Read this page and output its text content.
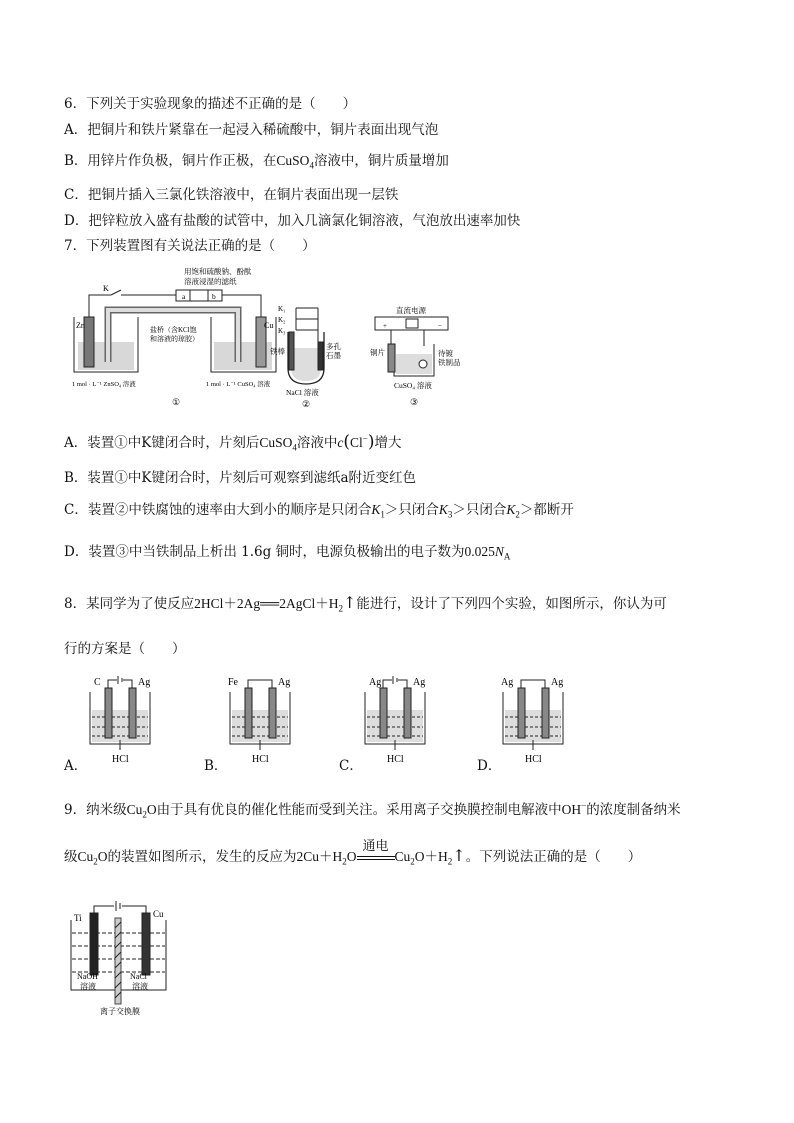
6．下列关于实验现象的描述不正确的是（　　）
A．把铜片和铁片紧靠在一起浸入稀硫酸中，铜片表面出现气泡
B．用锌片作负极，铜片作正极，在CuSO$_4$溶液中，铜片质量增加
C．把铜片插入三氯化铁溶液中，在铜片表面出现一层铁
D．把锌粒放入盛有盐酸的试管中，加入几滴氯化铜溶液，气泡放出速率加快
7．下列装置图有关说法正确的是（　　）
用饱和硫酸钠、酚酞
溶液浸湿的滤纸
K
a	b
Zn	Cu
盐桥（含KCl饱
和溶液的琼胶）
1 mol · L⁻¹ ZnSO₄ 溶液	1 mol · L⁻¹ CuSO₄ 溶液
①
K₁
K₂
K₃
铁棒
多孔
石墨
NaCl 溶液
②
直流电源
+	−
铜片	待镀
铁制品
CuSO₄ 溶液
③
A．装置①中K键闭合时，片刻后CuSO$_4$溶液中c(Cl−)增大
B．装置①中K键闭合时，片刻后可观察到滤纸a附近变红色
C．装置②中铁腐蚀的速率由大到小的顺序是只闭合$K_1>$只闭合$K_3>$只闭合$K_2>$都断开
D．装置③中当铁制品上析出 1.6g 铜时，电源负极输出的电子数为$0.025N_A$
8．某同学为了使反应$2HCl+2Ag══2AgCl+H_2↑$能进行，设计了下列四个实验，如图所示，你认为可
行的方案是（　　）
A．
C	Ag
HCl	B．
Fe	Ag
HCl	C．
Ag	Ag
HCl	D．
Ag	Ag
HCl
9．纳米级$Cu_2O$由于具有优良的催化性能而受到关注。采用离子交换膜控制电解液中OH−的浓度制备纳米
级$Cu_2O$的装置如图所示，发生的反应为$2Cu+H_2O$
通电
$Cu_2O+H_2↑$。下列说法正确的是（　　）
Ti	Cu
NaOH
溶液
NaCl
溶液
离子交换膜
